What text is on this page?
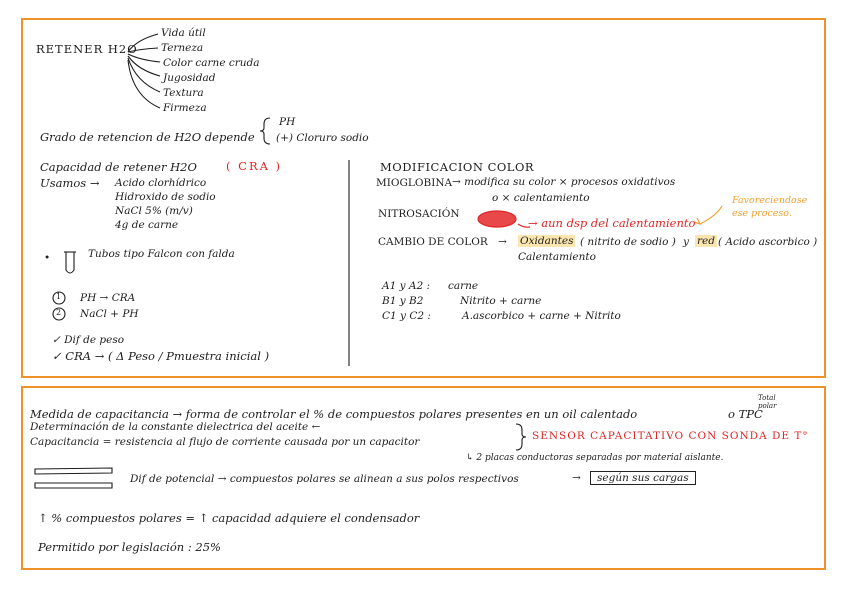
RETENER H2O
Vida útil
Terneza
Color carne cruda
Jugosidad
Textura
Firmeza
Grado de retencion de H2O depende
PH
(+) Cloruro sodio
Capacidad de retener H2O	( CRA )
Usamos → Acido clorhídrico
Hidroxido de sodio
NaCl 5% (m/v)
4g de carne
•	Tubos tipo Falcon con falda
1 PH → CRA
2 NaCl + PH
✓ Dif de peso
✓ CRA → ( Δ Peso / Pmuestra inicial )
MODIFICACION COLOR
MIOGLOBINA → modifica su color × procesos oxidativos
o × calentamiento
NITROSACIÓN
→ aun dsp del calentamiento
Favoreciendose ese proceso.
CAMBIO DE COLOR → Oxidantes ( nitrito de sodio ) y red ( Acido ascorbico )
Calentamiento
A1 y A2 : carne
B1 y B2	Nitrito + carne
C1 y C2 :	A.ascorbico + carne + Nitrito
Medida de capacitancia → forma de controlar el % de compuestos polares presentes en un oil calentado	o TPC
Total polar
Determinación de la constante dielectrica del aceite ←
Capacitancia = resistencia al flujo de corriente causada por un capacitor	SENSOR CAPACITATIVO CON SONDA DE T°
↳ 2 placas conductoras separadas por material aislante.
Dif de potencial → compuestos polares se alinean a sus polos respectivos	→	según sus cargas
↑ % compuestos polares = ↑ capacidad adquiere el condensador
Permitido por legislación : 25%
